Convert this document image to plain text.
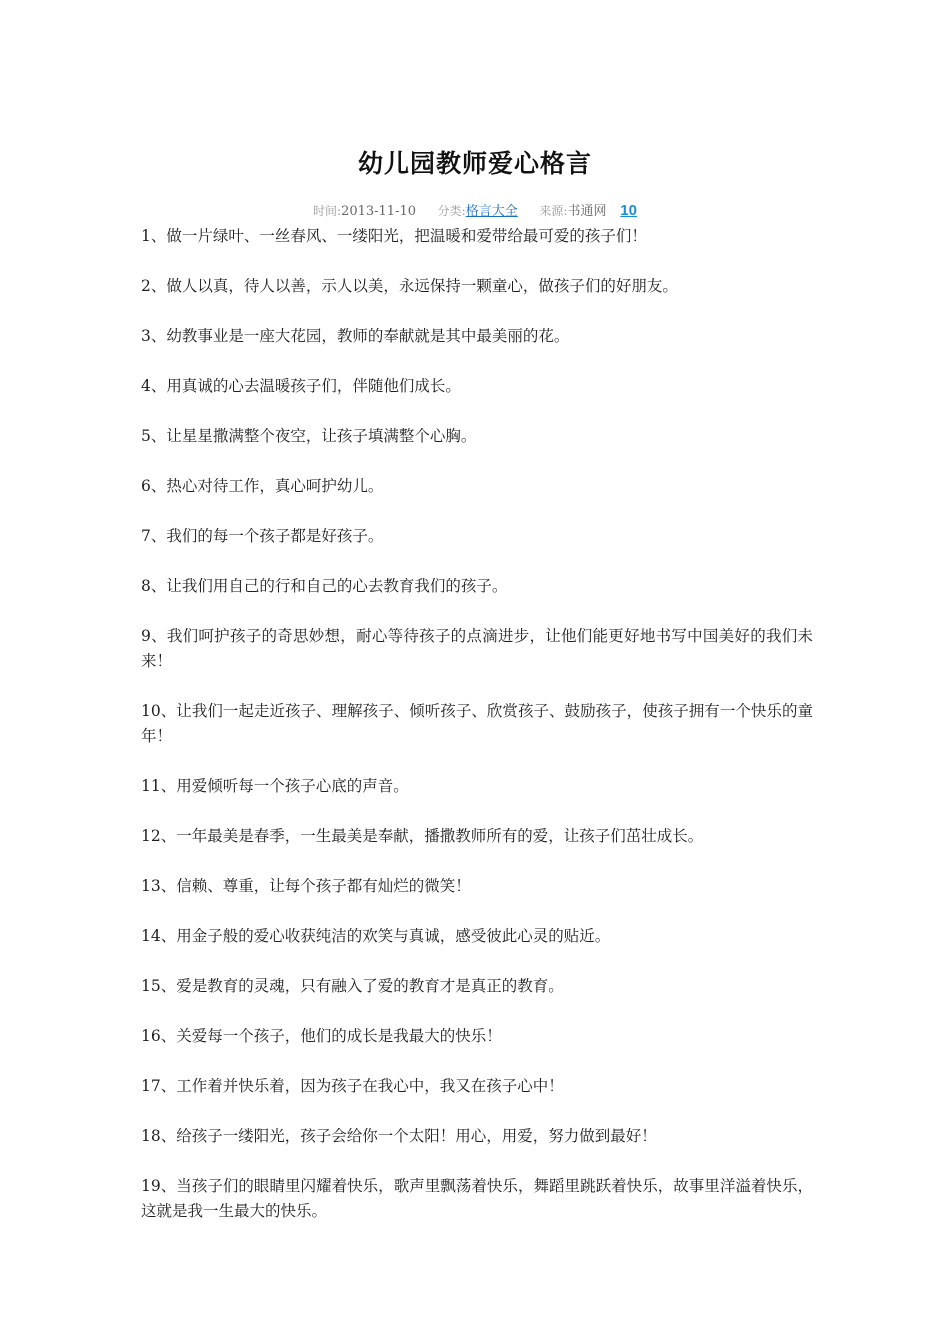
幼儿园教师爱心格言
时间:2013-11-10 分类:格言大全 来源:书通网 10
1、做一片绿叶、一丝春风、一缕阳光，把温暖和爱带给最可爱的孩子们！
2、做人以真，待人以善，示人以美，永远保持一颗童心，做孩子们的好朋友。
3、幼教事业是一座大花园，教师的奉献就是其中最美丽的花。
4、用真诚的心去温暖孩子们，伴随他们成长。
5、让星星撒满整个夜空，让孩子填满整个心胸。
6、热心对待工作，真心呵护幼儿。
7、我们的每一个孩子都是好孩子。
8、让我们用自己的行和自己的心去教育我们的孩子。
9、我们呵护孩子的奇思妙想，耐心等待孩子的点滴进步，让他们能更好地书写中国美好的我们未来！
10、让我们一起走近孩子、理解孩子、倾听孩子、欣赏孩子、鼓励孩子，使孩子拥有一个快乐的童年！
11、用爱倾听每一个孩子心底的声音。
12、一年最美是春季，一生最美是奉献，播撒教师所有的爱，让孩子们茁壮成长。
13、信赖、尊重，让每个孩子都有灿烂的微笑！
14、用金子般的爱心收获纯洁的欢笑与真诚，感受彼此心灵的贴近。
15、爱是教育的灵魂，只有融入了爱的教育才是真正的教育。
16、关爱每一个孩子，他们的成长是我最大的快乐！
17、工作着并快乐着，因为孩子在我心中，我又在孩子心中！
18、给孩子一缕阳光，孩子会给你一个太阳！用心，用爱，努力做到最好！
19、当孩子们的眼睛里闪耀着快乐，歌声里飘荡着快乐，舞蹈里跳跃着快乐，故事里洋溢着快乐，这就是我一生最大的快乐。
